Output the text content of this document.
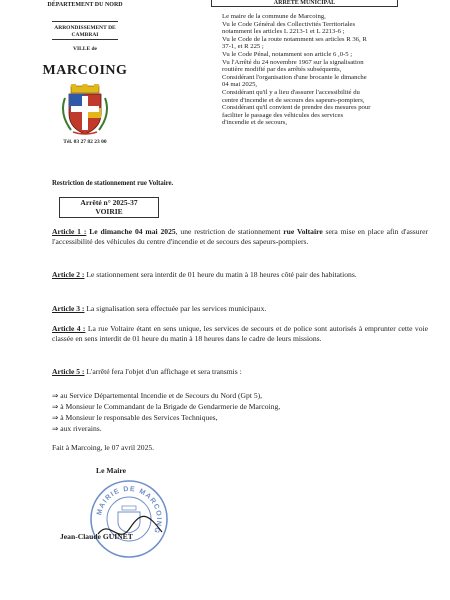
DÉPARTEMENT DU NORD
ARRONDISSEMENT DE CAMBRAI
VILLE de
MARCOING
Tél. 03 27 82 23 00
ARRÊTÉ MUNICIPAL
Le maire de la commune de Marcoing,
Vu le Code Général des Collectivités Territoriales
notamment les articles L 2213-1 et L 2213-6 ;
Vu le Code de la route notamment ses articles R 36, R
37-1, et R 225 ;
Vu le Code Pénal, notamment son article 6 ,0-5 ;
Vu l'Arrêté du 24 novembre 1967 sur la signalisation
routière modifié par des arrêtés subséquents,
Considérant l'organisation d'une brocante le dimanche
04 mai 2025,
Considérant qu'il y a lieu d'assurer l'accessibilité du
centre d'incendie et de secours des sapeurs-pompiers,
Considérant qu'il convient de prendre des mesures pour
faciliter le passage des véhicules des services
d'incendie et de secours,
Restriction de stationnement rue Voltaire.
Arrêté n° 2025-37
VOIRIE
Article 1 : Le dimanche 04 mai 2025, une restriction de stationnement rue Voltaire sera mise en place afin d'assurer l'accessibilité des véhicules du centre d'incendie et de secours des sapeurs-pompiers.
Article 2 : Le stationnement sera interdit de 01 heure du matin à 18 heures côté pair des habitations.
Article 3 : La signalisation sera effectuée par les services municipaux.
Article 4 : La rue Voltaire étant en sens unique, les services de secours et de police sont autorisés à emprunter cette voie classée en sens interdit de 01 heure du matin à 18 heures dans le cadre de leurs missions.
Article 5 : L'arrêté fera l'objet d'un affichage et sera transmis :
⇒ au Service Départemental Incendie et de Secours du Nord (Gpt 5),
⇒ à Monsieur le Commandant de la Brigade de Gendarmerie de Marcoing,
⇒ à Monsieur le responsable des Services Techniques,
⇒ aux riverains.
Fait à Marcoing, le 07 avril 2025.
Le Maire
MAIRIE DE MARCOING
Jean-Claude GUINET
